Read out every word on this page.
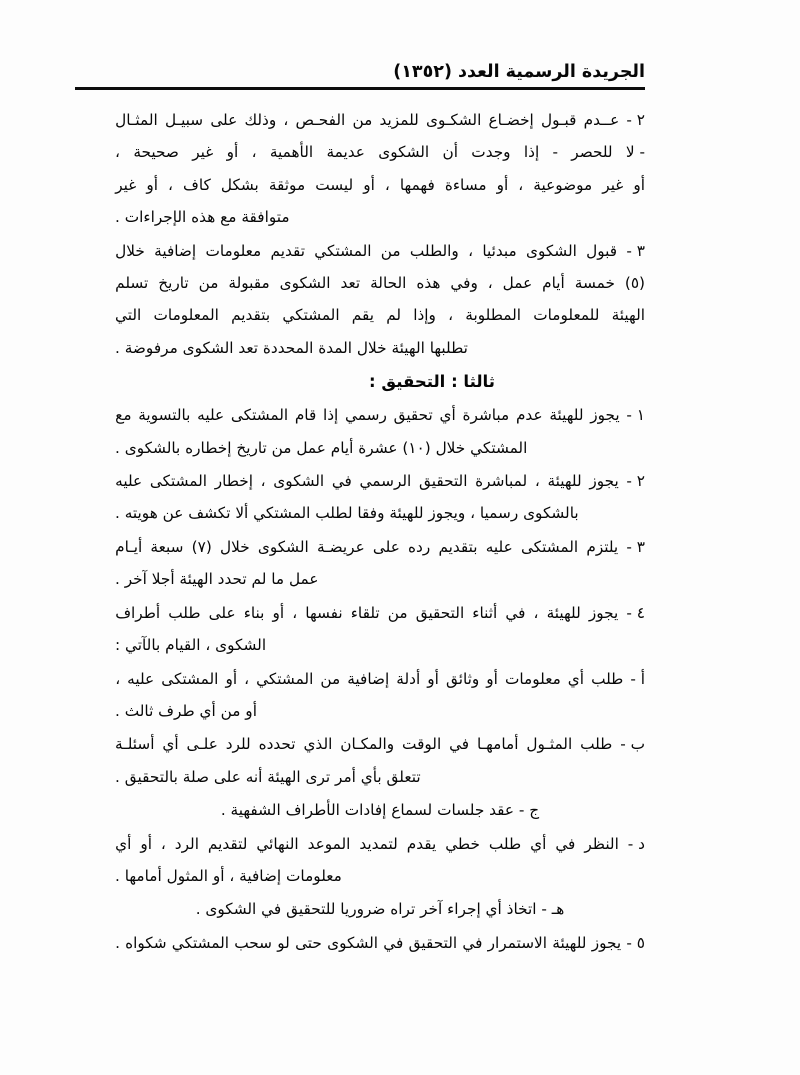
الجريدة الرسمية العدد (١٣٥٢)
٢ -
عــدم
قبـول
إخضـاع
الشكـوى
للمزيد
من
الفحـص
،
وذلك
على
سبيـل
المثـال
- لا
للحصر
-
إذا
وجدت
أن
الشكوى
عديمة
الأهمية
،
أو
غير
صحيحة
،
أو
غير
موضوعية
،
أو
مساءة
فهمها
،
أو
ليست
موثقة
بشكل
كاف
،
أو
غير
متوافقة مع هذه الإجراءات .
٣ -
قبول
الشكوى
مبدئيا
،
والطلب
من
المشتكي
تقديم
معلومات
إضافية
خلال
(٥)
خمسة
أيام
عمل
،
وفي
هذه
الحالة
تعد
الشكوى
مقبولة
من
تاريخ
تسلم
الهيئة
للمعلومات
المطلوبة
،
وإذا
لم
يقم
المشتكي
بتقديم
المعلومات
التي
تطلبها الهيئة خلال المدة المحددة تعد الشكوى مرفوضة .
ثالثا : التحقيق :
١ -
يجوز
للهيئة
عدم
مباشرة
أي
تحقيق
رسمي
إذا
قام
المشتكى
عليه
بالتسوية
مع
المشتكي خلال (١٠) عشرة أيام عمل من تاريخ إخطاره بالشكوى .
٢ -
يجوز
للهيئة
،
لمباشرة
التحقيق
الرسمي
في
الشكوى
،
إخطار
المشتكى
عليه
بالشكوى رسميا ، ويجوز للهيئة وفقا لطلب المشتكي ألا تكشف عن هويته .
٣ -
يلتزم
المشتكى
عليه
بتقديم
رده
على
عريضـة
الشكوى
خلال
(٧)
سبعة
أيـام
عمل ما لم تحدد الهيئة أجلا آخر .
٤ -
يجوز
للهيئة
،
في
أثناء
التحقيق
من
تلقاء
نفسها
،
أو
بناء
على
طلب
أطراف
الشكوى ، القيام بالآتي :
أ -
طلب
أي
معلومات
أو
وثائق
أو
أدلة
إضافية
من
المشتكي
،
أو
المشتكى
عليه
،
أو من أي طرف ثالث .
ب -
طلب
المثـول
أمامهـا
في
الوقت
والمكـان
الذي
تحدده
للرد
علـى
أي
أسئلـة
تتعلق بأي أمر ترى الهيئة أنه على صلة بالتحقيق .
ج - عقد جلسات لسماع إفادات الأطراف الشفهية .
د -
النظر
في
أي
طلب
خطي
يقدم
لتمديد
الموعد
النهائي
لتقديم
الرد
،
أو
أي
معلومات إضافية ، أو المثول أمامها .
هـ - اتخاذ أي إجراء آخر تراه ضروريا للتحقيق في الشكوى .
٥ -
يجوز
للهيئة
الاستمرار
في
التحقيق
في
الشكوى
حتى
لو
سحب
المشتكي
شكواه
.
